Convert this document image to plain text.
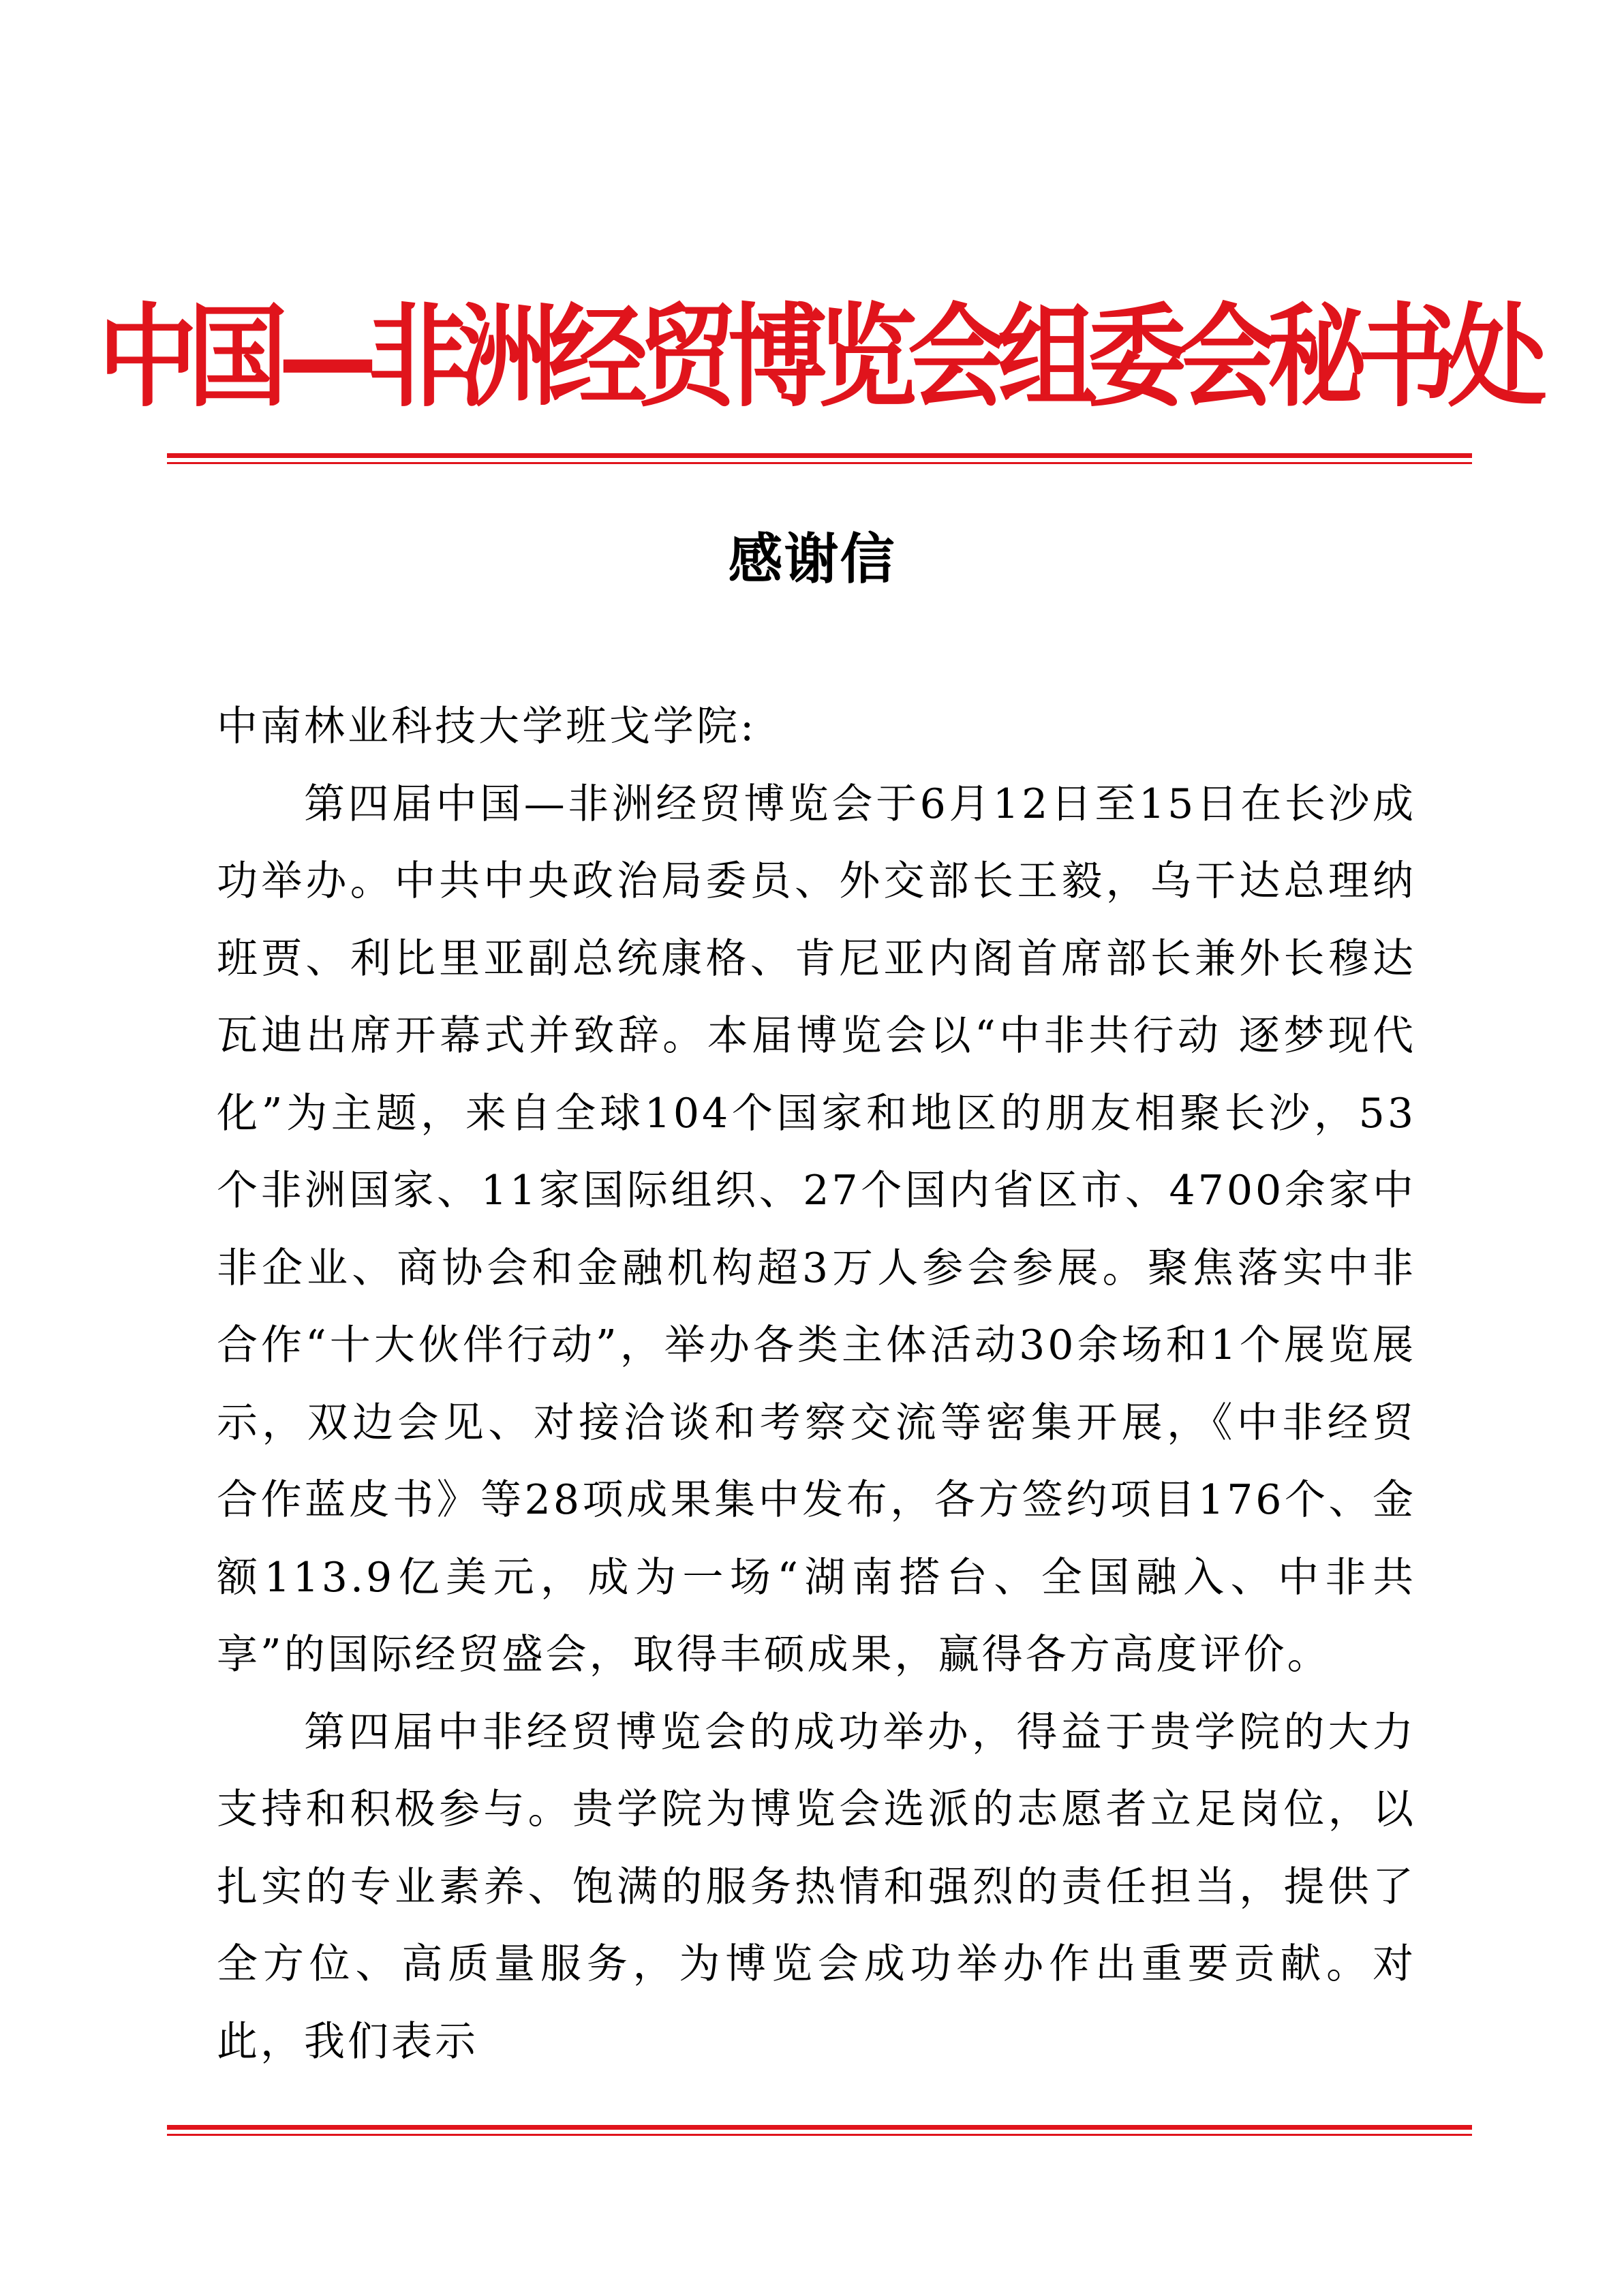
中国—非洲经贸博览会组委会秘书处
感谢信

中南林业科技大学班戈学院:

第四届中国—非洲经贸博览会于6月12日至15日在长沙成功举办。中共中央政治局委员、外交部长王毅，乌干达总理纳班贾、利比里亚副总统康格、肯尼亚内阁首席部长兼外长穆达瓦迪出席开幕式并致辞。本届博览会以“中非共行动 逐梦现代化”为主题，来自全球104个国家和地区的朋友相聚长沙，53个非洲国家、11家国际组织、27个国内省区市、4700余家中非企业、商协会和金融机构超3万人参会参展。聚焦落实中非合作“十大伙伴行动”，举办各类主体活动30余场和1个展览展示，双边会见、对接洽谈和考察交流等密集开展，《中非经贸合作蓝皮书》等28项成果集中发布，各方签约项目176个、金额113.9亿美元，成为一场“湖南搭台、全国融入、中非共享”的国际经贸盛会，取得丰硕成果，赢得各方高度评价。

第四届中非经贸博览会的成功举办，得益于贵学院的大力支持和积极参与。贵学院为博览会选派的志愿者立足岗位，以扎实的专业素养、饱满的服务热情和强烈的责任担当，提供了全方位、高质量服务，为博览会成功举办作出重要贡献。对此，我们表示
